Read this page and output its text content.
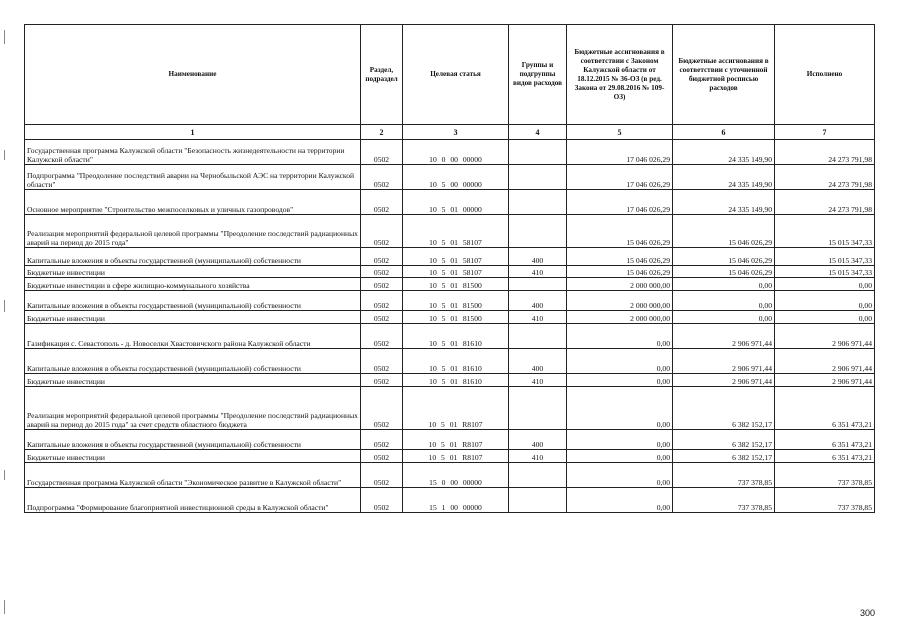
Наименование	Раздел, подраздел	Целевая статья	Группы и подгруппы видов расходов	Бюджетные ассигнования в соответствии с Законом Калужской области от 18.12.2015 № 36-ОЗ (в ред. Закона от 29.08.2016 № 109-ОЗ)	Бюджетные ассигнования в соответствии с уточненной бюджетной росписью расходов	Исполнено
1	2	3	4	5	6	7
Государственная программа Калужской области "Безопасность жизнедеятельности на территории Калужской области"	0502	10 0 00 00000		17 046 026,29	24 335 149,90	24 273 791,98
Подпрограмма "Преодоление последствий аварии на Чернобыльской АЭС на территории Калужской области"	0502	10 5 00 00000		17 046 026,29	24 335 149,90	24 273 791,98
Основное мероприятие "Строительство межпоселковых и уличных газопроводов"	0502	10 5 01 00000		17 046 026,29	24 335 149,90	24 273 791,98
Реализация мероприятий федеральной целевой программы "Преодоление последствий радиационных аварий на период до 2015 года"	0502	10 5 01 58107		15 046 026,29	15 046 026,29	15 015 347,33
Капитальные вложения в объекты государственной (муниципальной) собственности	0502	10 5 01 58107	400	15 046 026,29	15 046 026,29	15 015 347,33
Бюджетные инвестиции	0502	10 5 01 58107	410	15 046 026,29	15 046 026,29	15 015 347,33
Бюджетные инвестиции в сфере жилищно-коммунального хозяйства	0502	10 5 01 81500		2 000 000,00	0,00	0,00
Капитальные вложения в объекты государственной (муниципальной) собственности	0502	10 5 01 81500	400	2 000 000,00	0,00	0,00
Бюджетные инвестиции	0502	10 5 01 81500	410	2 000 000,00	0,00	0,00
Газификация с. Севастополь - д. Новоселки Хвастовичского района Калужской области	0502	10 5 01 81610		0,00	2 906 971,44	2 906 971,44
Капитальные вложения в объекты государственной (муниципальной) собственности	0502	10 5 01 81610	400	0,00	2 906 971,44	2 906 971,44
Бюджетные инвестиции	0502	10 5 01 81610	410	0,00	2 906 971,44	2 906 971,44
Реализация мероприятий федеральной целевой программы "Преодоление последствий радиационных аварий на период до 2015 года" за счет средств областного бюджета	0502	10 5 01 R8107		0,00	6 382 152,17	6 351 473,21
Капитальные вложения в объекты государственной (муниципальной) собственности	0502	10 5 01 R8107	400	0,00	6 382 152,17	6 351 473,21
Бюджетные инвестиции	0502	10 5 01 R8107	410	0,00	6 382 152,17	6 351 473,21
Государственная программа Калужской области "Экономическое развитие в Калужской области"	0502	15 0 00 00000		0,00	737 378,85	737 378,85
Подпрограмма "Формирование благоприятной инвестиционной среды в Калужской области"	0502	15 1 00 00000		0,00	737 378,85	737 378,85
300
